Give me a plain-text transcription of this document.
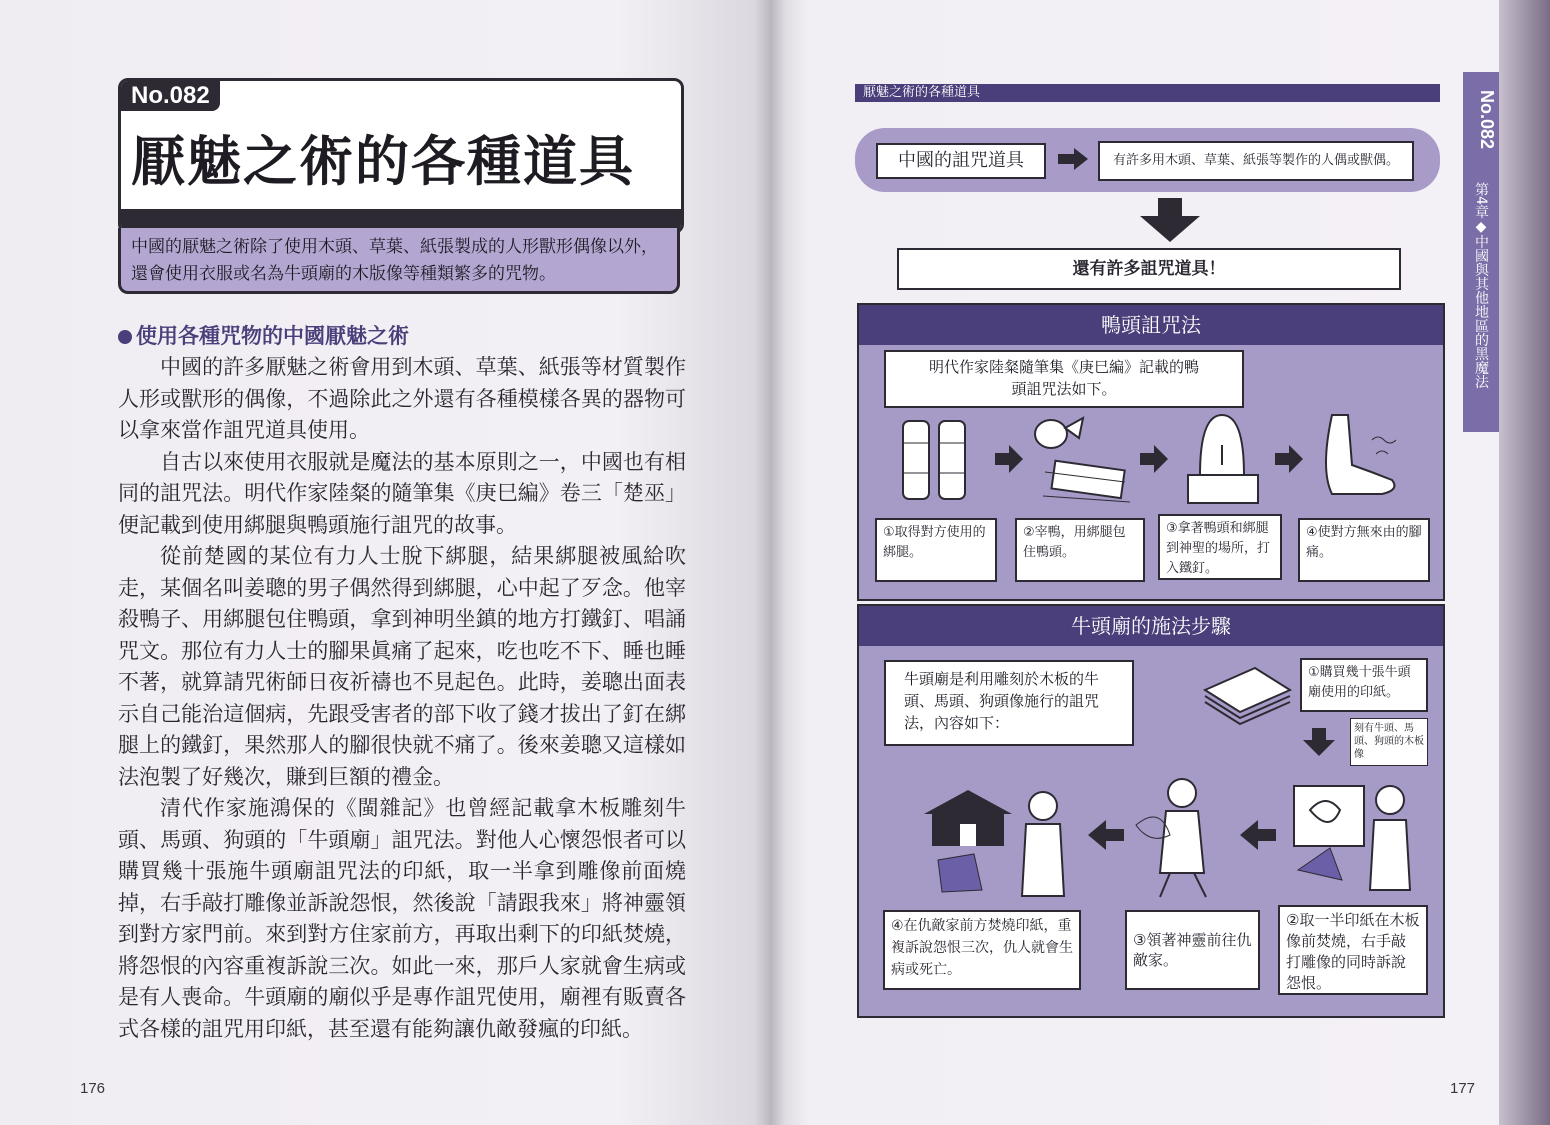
No.082
厭魅之術的各種道具
中國的厭魅之術除了使用木頭、草葉、紙張製成的人形獸形偶像以外，還會使用衣服或名為牛頭廟的木版像等種類繁多的咒物。
使用各種咒物的中國厭魅之術

中國的許多厭魅之術會用到木頭、草葉、紙張等材質製作人形或獸形的偶像，不過除此之外還有各種模樣各異的器物可以拿來當作詛咒道具使用。

自古以來使用衣服就是魔法的基本原則之一，中國也有相同的詛咒法。明代作家陸粲的隨筆集《庚巳編》卷三「楚巫」便記載到使用綁腿與鴨頭施行詛咒的故事。

從前楚國的某位有力人士脫下綁腿，結果綁腿被風給吹走，某個名叫姜聰的男子偶然得到綁腿，心中起了歹念。他宰殺鴨子、用綁腿包住鴨頭，拿到神明坐鎮的地方打鐵釘、唱誦咒文。那位有力人士的腳果眞痛了起來，吃也吃不下、睡也睡不著，就算請咒術師日夜祈禱也不見起色。此時，姜聰出面表示自己能治這個病，先跟受害者的部下收了錢才拔出了釘在綁腿上的鐵釘，果然那人的腳很快就不痛了。後來姜聰又這樣如法泡製了好幾次，賺到巨額的禮金。

清代作家施鴻保的《閩雜記》也曾經記載拿木板雕刻牛頭、馬頭、狗頭的「牛頭廟」詛咒法。對他人心懷怨恨者可以購買幾十張施牛頭廟詛咒法的印紙，取一半拿到雕像前面燒掉，右手敲打雕像並訴說怨恨，然後說「請跟我來」將神靈領到對方家門前。來到對方住家前方，再取出剩下的印紙焚燒，將怨恨的內容重複訴說三次。如此一來，那戶人家就會生病或是有人喪命。牛頭廟的廟似乎是專作詛咒使用，廟裡有販賣各式各樣的詛咒用印紙，甚至還有能夠讓仇敵發瘋的印紙。

176	177
厭魅之術的各種道具	No.082
第4章◆中國與其他地區的黑魔法
中國的詛咒道具	有許多用木頭、草葉、紙張等製作的人偶或獸偶。
還有許多詛咒道具！
鴨頭詛咒法
明代作家陸粲隨筆集《庚巳編》記載的鴨頭詛咒法如下。
①取得對方使用的綁腿。
②宰鴨，用綁腿包住鴨頭。
③拿著鴨頭和綁腿到神聖的場所，打入鐵釘。
④使對方無來由的腳痛。
牛頭廟的施法步驟
牛頭廟是利用雕刻於木板的牛頭、馬頭、狗頭像施行的詛咒法，內容如下：
①購買幾十張牛頭廟使用的印紙。
刻有牛頭、馬頭、狗頭的木板像
④在仇敵家前方焚燒印紙，重複訴說怨恨三次，仇人就會生病或死亡。
③領著神靈前往仇敵家。
②取一半印紙在木板像前焚燒，右手敲打雕像的同時訴說怨恨。
